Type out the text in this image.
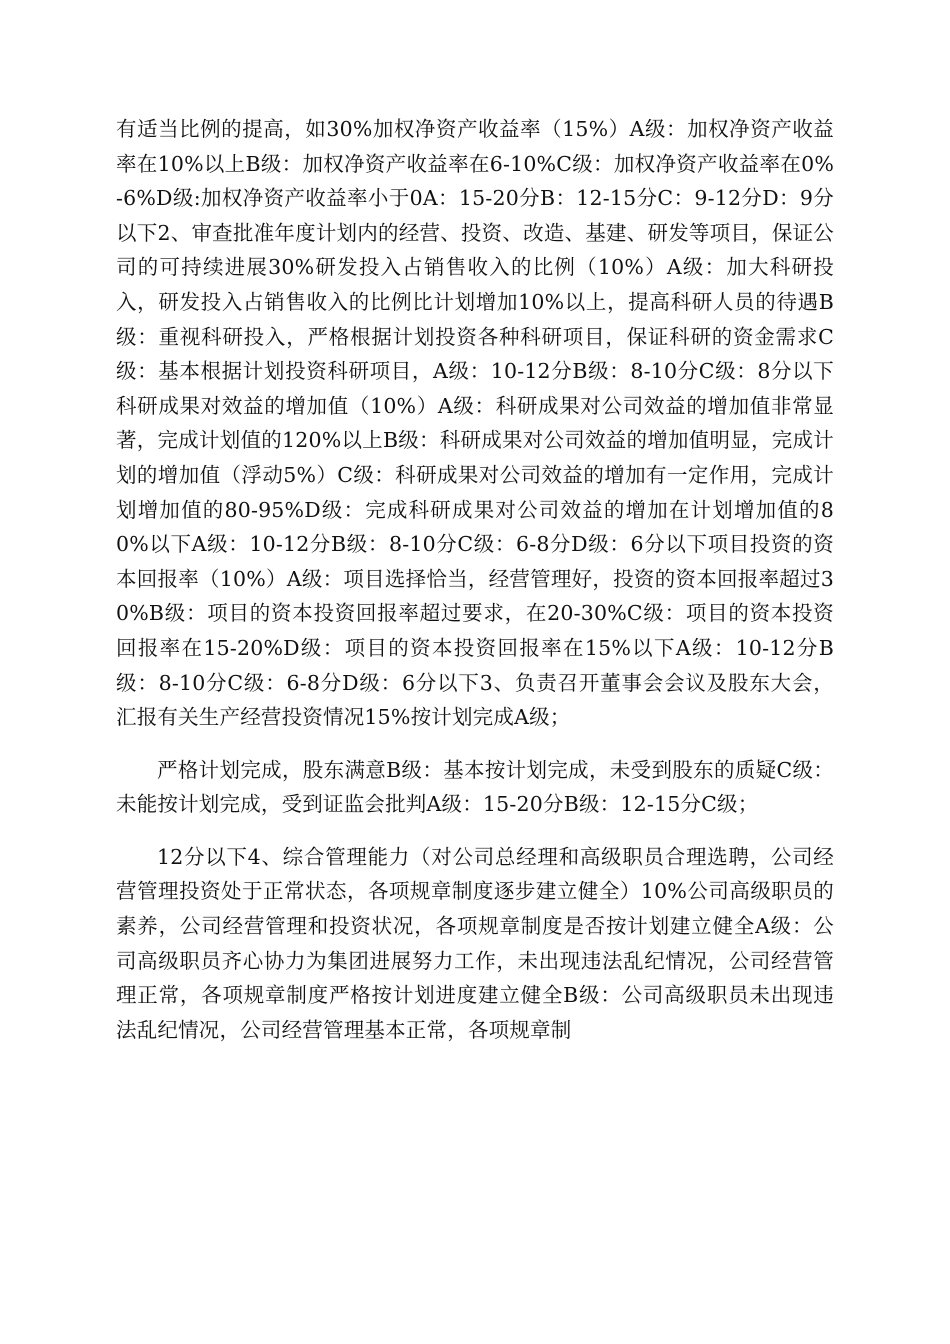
有适当比例的提高，如30%加权净资产收益率（15%）A级：加权净资产收益率在10%以上B级：加权净资产收益率在6-10%C级：加权净资产收益率在0%-6%D级:加权净资产收益率小于0A：15-20分B：12-15分C：9-12分D：9分以下2、审查批准年度计划内的经营、投资、改造、基建、研发等项目，保证公司的可持续进展30%研发投入占销售收入的比例（10%）A级：加大科研投入，研发投入占销售收入的比例比计划增加10%以上，提高科研人员的待遇B级：重视科研投入，严格根据计划投资各种科研项目，保证科研的资金需求C级：基本根据计划投资科研项目，A级：10-12分B级：8-10分C级：8分以下科研成果对效益的增加值（10%）A级：科研成果对公司效益的增加值非常显著，完成计划值的120%以上B级：科研成果对公司效益的增加值明显，完成计划的增加值（浮动5%）C级：科研成果对公司效益的增加有一定作用，完成计划增加值的80-95%D级：完成科研成果对公司效益的增加在计划增加值的80%以下A级：10-12分B级：8-10分C级：6-8分D级：6分以下项目投资的资本回报率（10%）A级：项目选择恰当，经营管理好，投资的资本回报率超过30%B级：项目的资本投资回报率超过要求，在20-30%C级：项目的资本投资回报率在15-20%D级：项目的资本投资回报率在15%以下A级：10-12分B级：8-10分C级：6-8分D级：6分以下3、负责召开董事会会议及股东大会，汇报有关生产经营投资情况15%按计划完成A级；

严格计划完成，股东满意B级：基本按计划完成，未受到股东的质疑C级：未能按计划完成，受到证监会批判A级：15-20分B级：12-15分C级；

12分以下4、综合管理能力（对公司总经理和高级职员合理选聘，公司经营管理投资处于正常状态，各项规章制度逐步建立健全）10%公司高级职员的素养，公司经营管理和投资状况，各项规章制度是否按计划建立健全A级：公司高级职员齐心协力为集团进展努力工作，未出现违法乱纪情况，公司经营管理正常，各项规章制度严格按计划进度建立健全B级：公司高级职员未出现违法乱纪情况，公司经营管理基本正常，各项规章制
